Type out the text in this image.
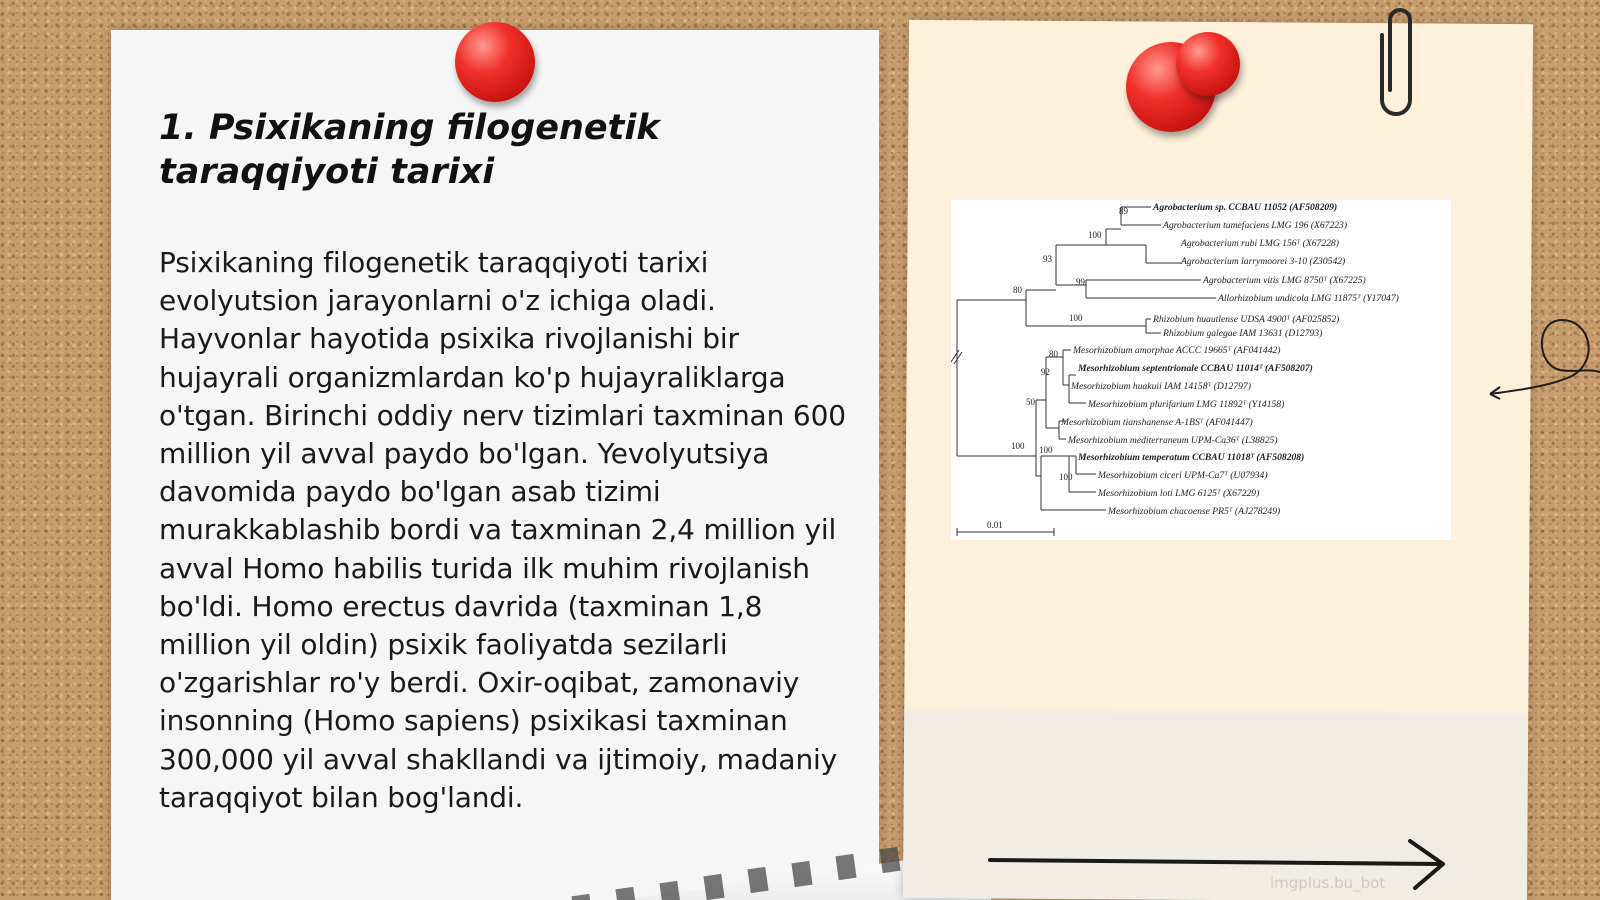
1. Psixikaning filogenetik taraqqiyoti tarixi

Psixikaning filogenetik taraqqiyoti tarixi evolyutsion jarayonlarni o'z ichiga oladi. Hayvonlar hayotida psixika rivojlanishi bir hujayrali organizmlardan ko'p hujayraliklarga o'tgan. Birinchi oddiy nerv tizimlari taxminan 600 million yil avval paydo bo'lgan. Yevolyutsiya davomida paydo bo'lgan asab tizimi murakkablashib bordi va taxminan 2,4 million yil avval Homo habilis turida ilk muhim rivojlanish bo'ldi. Homo erectus davrida (taxminan 1,8 million yil oldin) psixik faoliyatda sezilarli o'zgarishlar ro'y berdi. Oxir-oqibat, zamonaviy insonning (Homo sapiens) psixikasi taxminan 300,000 yil avval shakllandi va ijtimoiy, madaniy taraqqiyot bilan bog'landi.

89
100
93
99
80
100
80
92
50
100 100
100
0.01
Agrobacterium sp. CCBAU 11052 (AF508209)
Agrobacterium tumefaciens LMG 196 (X67223)
Agrobacterium rubi LMG 156ᵀ (X67228)
Agrobacterium larrymoorei 3-10 (Z30542)
Agrobacterium vitis LMG 8750ᵀ (X67225)
Allorhizobium undicola LMG 11875ᵀ (Y17047)
Rhizobium huautlense UDSA 4900ᵀ (AF025852)
Rhizobium galegae IAM 13631 (D12793)
Mesorhizobium amorphae ACCC 19665ᵀ (AF041442)
Mesorhizobium septentrionale CCBAU 11014ᵀ (AF508207)
Mesorhizobium huakuii IAM 14158ᵀ (D12797)
Mesorhizobium plurifarium LMG 11892ᵀ (Y14158)
Mesorhizobium tianshanense A-1BSᵀ (AF041447)
Mesorhizobium mediterraneum UPM-Ca36ᵀ (L38825)
Mesorhizobium temperatum CCBAU 11018ᵀ (AF508208)
Mesorhizobium ciceri UPM-Ca7ᵀ (U07934)
Mesorhizobium loti LMG 6125ᵀ (X67229)
Mesorhizobium chacoense PR5ᵀ (AJ278249)
imgplus.bu_bot
